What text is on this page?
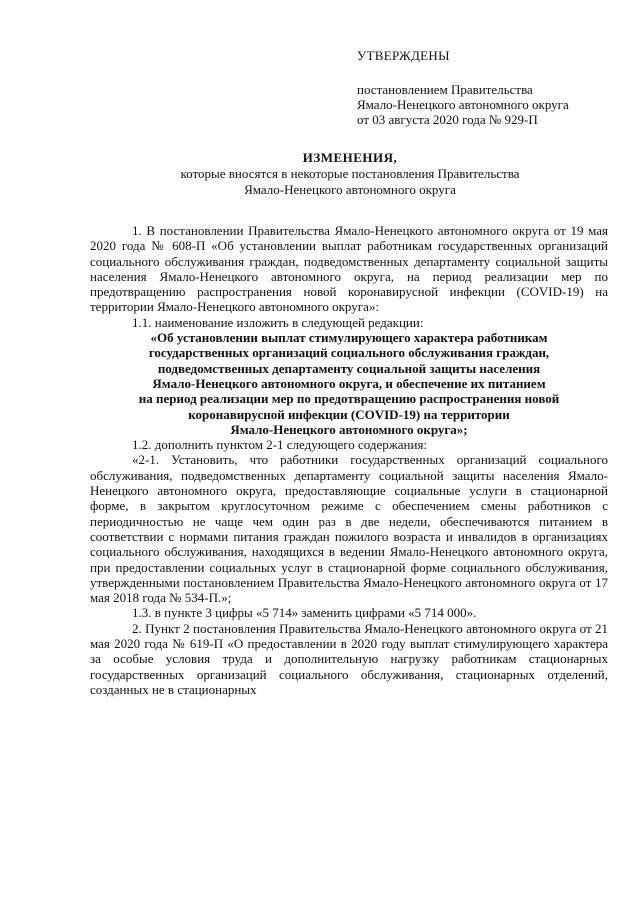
УТВЕРЖДЕНЫ
постановлением Правительства
Ямало-Ненецкого автономного округа
от 03 августа 2020 года № 929-П
ИЗМЕНЕНИЯ,
которые вносятся в некоторые постановления Правительства
Ямало-Ненецкого автономного округа

1. В постановлении Правительства Ямало-Ненецкого автономного округа от 19 мая 2020 года № 608-П «Об установлении выплат работникам государственных организаций социального обслуживания граждан, подведомственных департаменту социальной защиты населения Ямало-Ненецкого автономного округа, на период реализации мер по предотвращению распространения новой коронавирусной инфекции (COVID-19) на территории Ямало-Ненецкого автономного округа»:

1.1. наименование изложить в следующей редакции:

«Об установлении выплат стимулирующего характера работникам
государственных организаций социального обслуживания граждан,
подведомственных департаменту социальной защиты населения
Ямало-Ненецкого автономного округа, и обеспечение их питанием
на период реализации мер по предотвращению распространения новой
коронавирусной инфекции (COVID-19) на территории
Ямало-Ненецкого автономного округа»;

1.2. дополнить пунктом 2-1 следующего содержания:

«2-1. Установить, что работники государственных организаций социального обслуживания, подведомственных департаменту социальной защиты населения Ямало-Ненецкого автономного округа, предоставляющие социальные услуги в стационарной форме, в закрытом круглосуточном режиме с обеспечением смены работников с периодичностью не чаще чем один раз в две недели, обеспечиваются питанием в соответствии с нормами питания граждан пожилого возраста и инвалидов в организациях социального обслуживания, находящихся в ведении Ямало-Ненецкого автономного округа, при предоставлении социальных услуг в стационарной форме социального обслуживания, утвержденными постановлением Правительства Ямало-Ненецкого автономного округа от 17 мая 2018 года № 534-П.»;

1.3. в пункте 3 цифры «5 714» заменить цифрами «5 714 000».

2. Пункт 2 постановления Правительства Ямало-Ненецкого автономного округа от 21 мая 2020 года № 619-П «О предоставлении в 2020 году выплат стимулирующего характера за особые условия труда и дополнительную нагрузку работникам стационарных государственных организаций социального обслуживания, стационарных отделений, созданных не в стационарных
